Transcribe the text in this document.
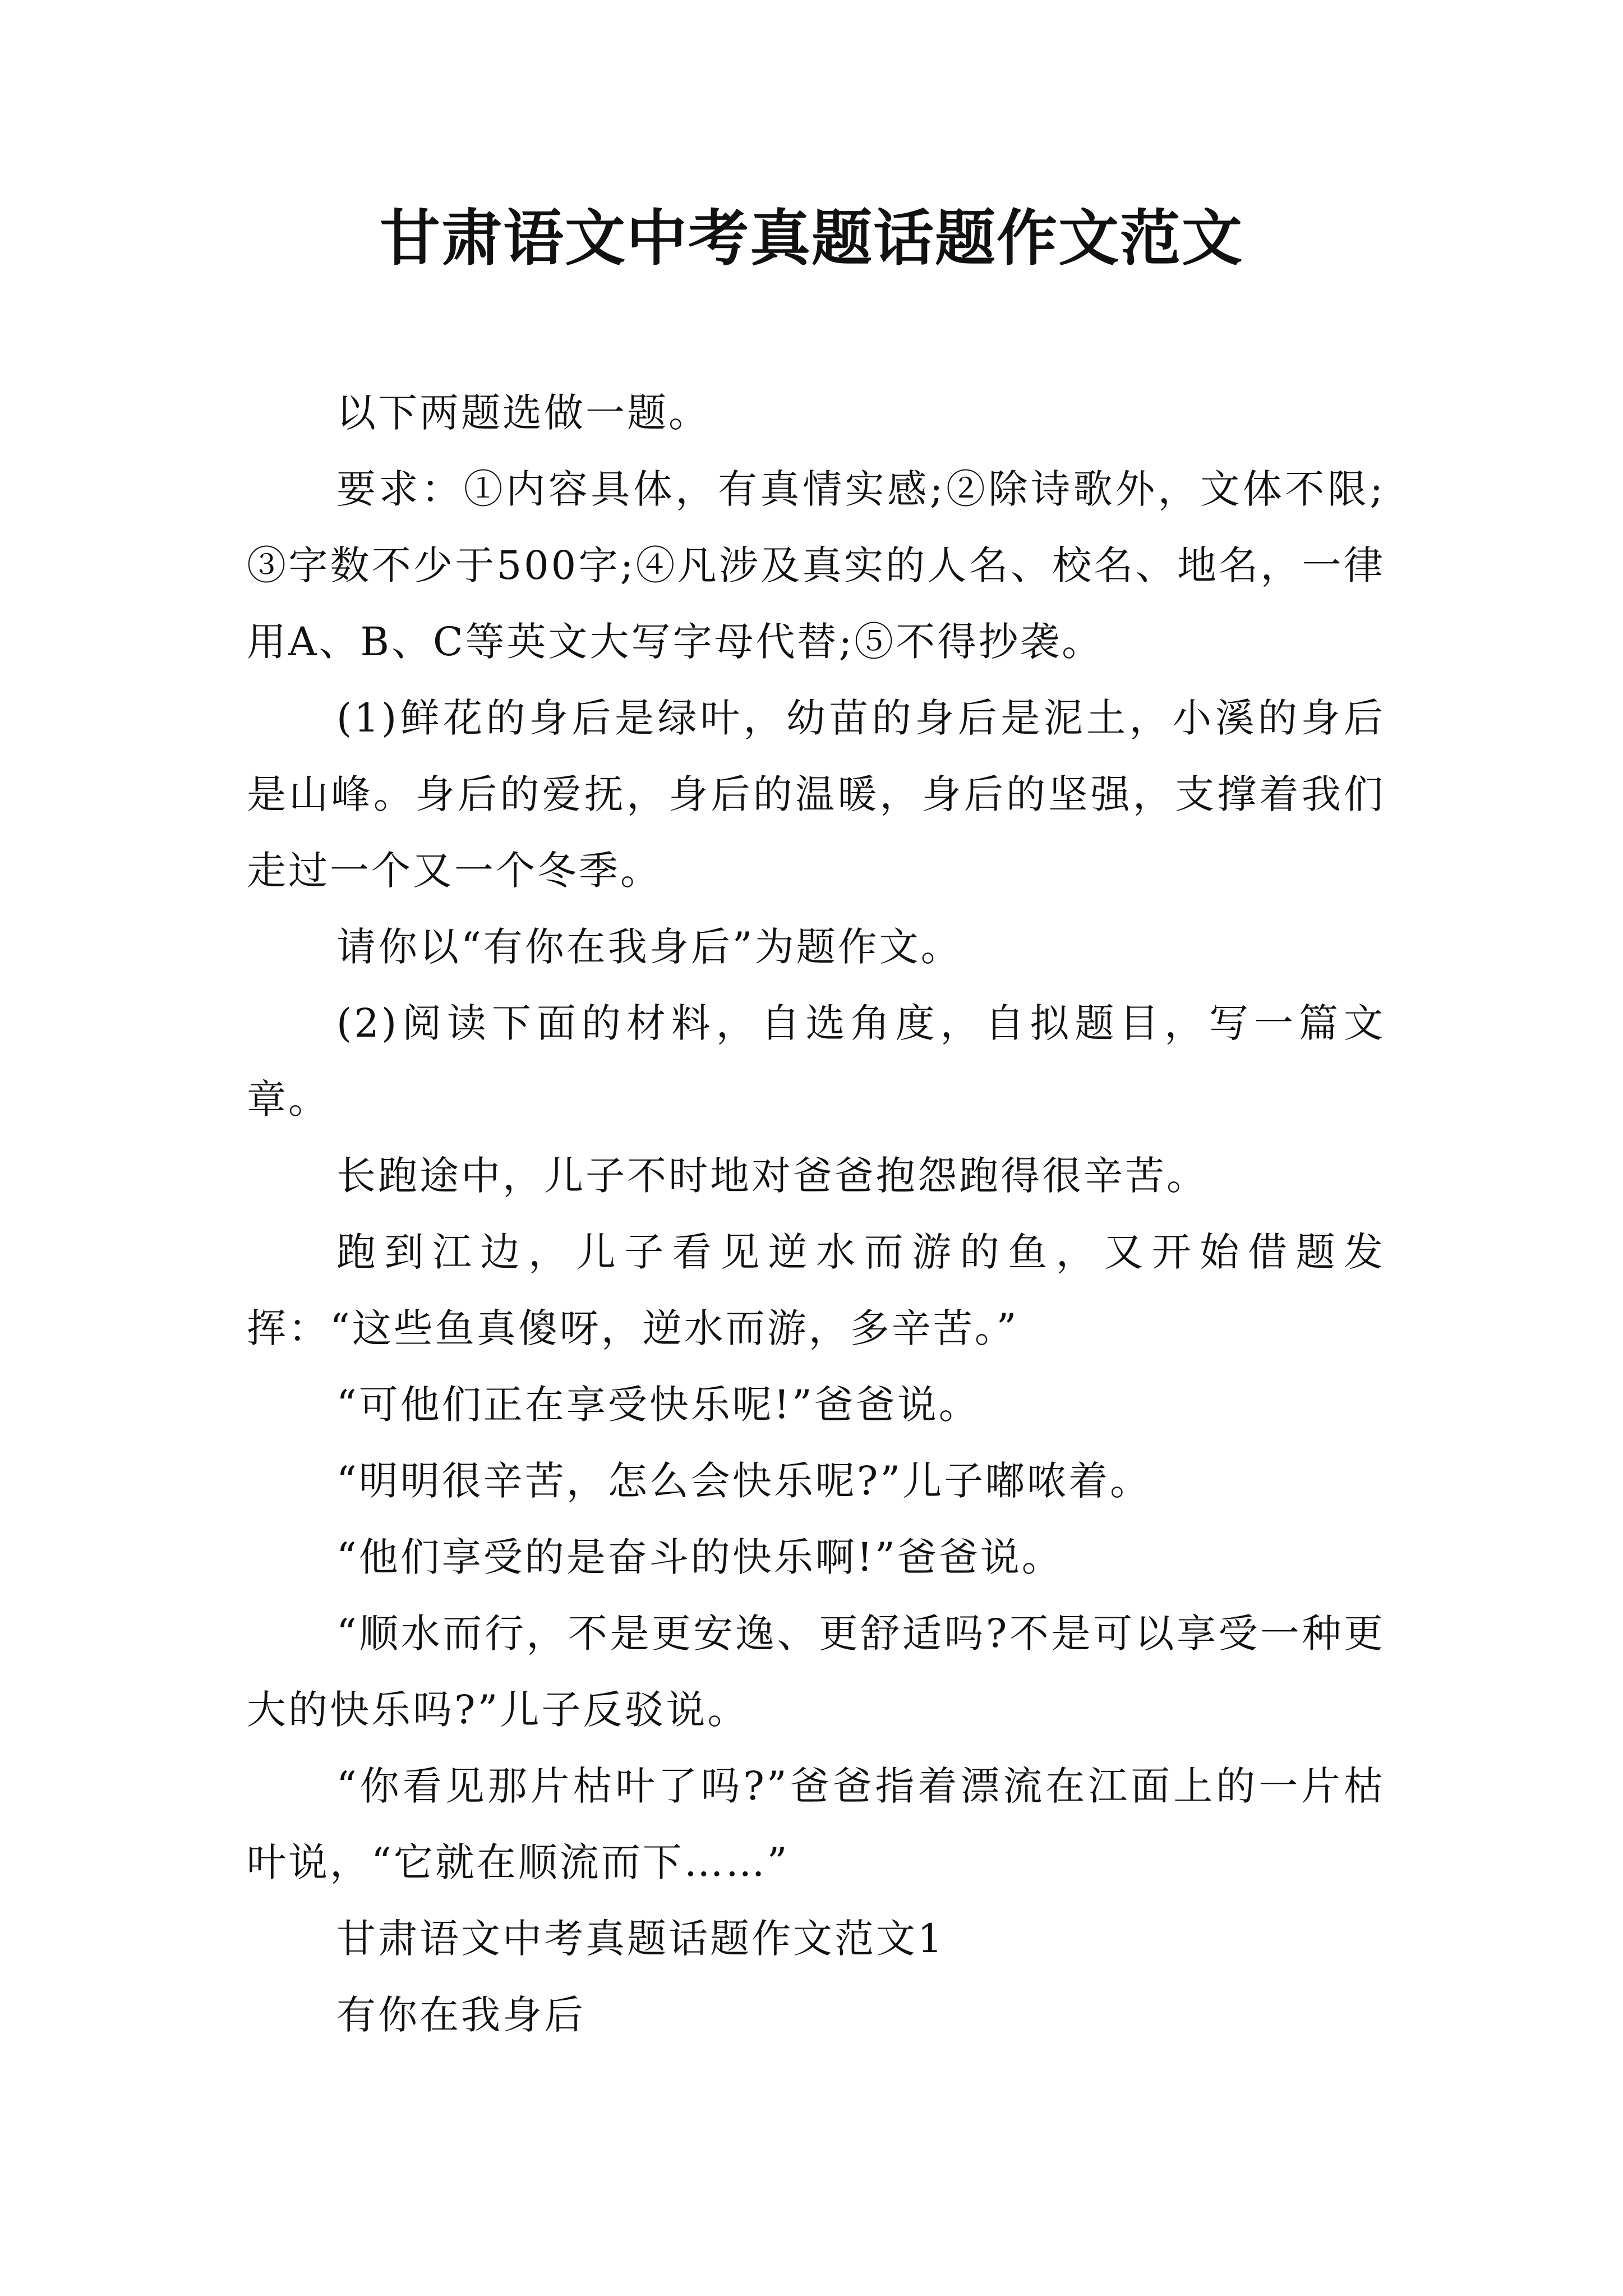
甘肃语文中考真题话题作文范文

以下两题选做一题。

要求：①内容具体，有真情实感;②除诗歌外，文体不限;③字数不少于500字;④凡涉及真实的人名、校名、地名，一律用A、B、C等英文大写字母代替;⑤不得抄袭。

(1)鲜花的身后是绿叶，幼苗的身后是泥土，小溪的身后是山峰。身后的爱抚，身后的温暖，身后的坚强，支撑着我们走过一个又一个冬季。

请你以“有你在我身后”为题作文。

(2)阅读下面的材料，自选角度，自拟题目，写一篇文章。

长跑途中，儿子不时地对爸爸抱怨跑得很辛苦。

跑到江边，儿子看见逆水而游的鱼，又开始借题发挥：“这些鱼真傻呀，逆水而游，多辛苦。”

“可他们正在享受快乐呢!”爸爸说。

“明明很辛苦，怎么会快乐呢?”儿子嘟哝着。

“他们享受的是奋斗的快乐啊!”爸爸说。

“顺水而行，不是更安逸、更舒适吗?不是可以享受一种更大的快乐吗?”儿子反驳说。

“你看见那片枯叶了吗?”爸爸指着漂流在江面上的一片枯叶说，“它就在顺流而下……”

甘肃语文中考真题话题作文范文1

有你在我身后
